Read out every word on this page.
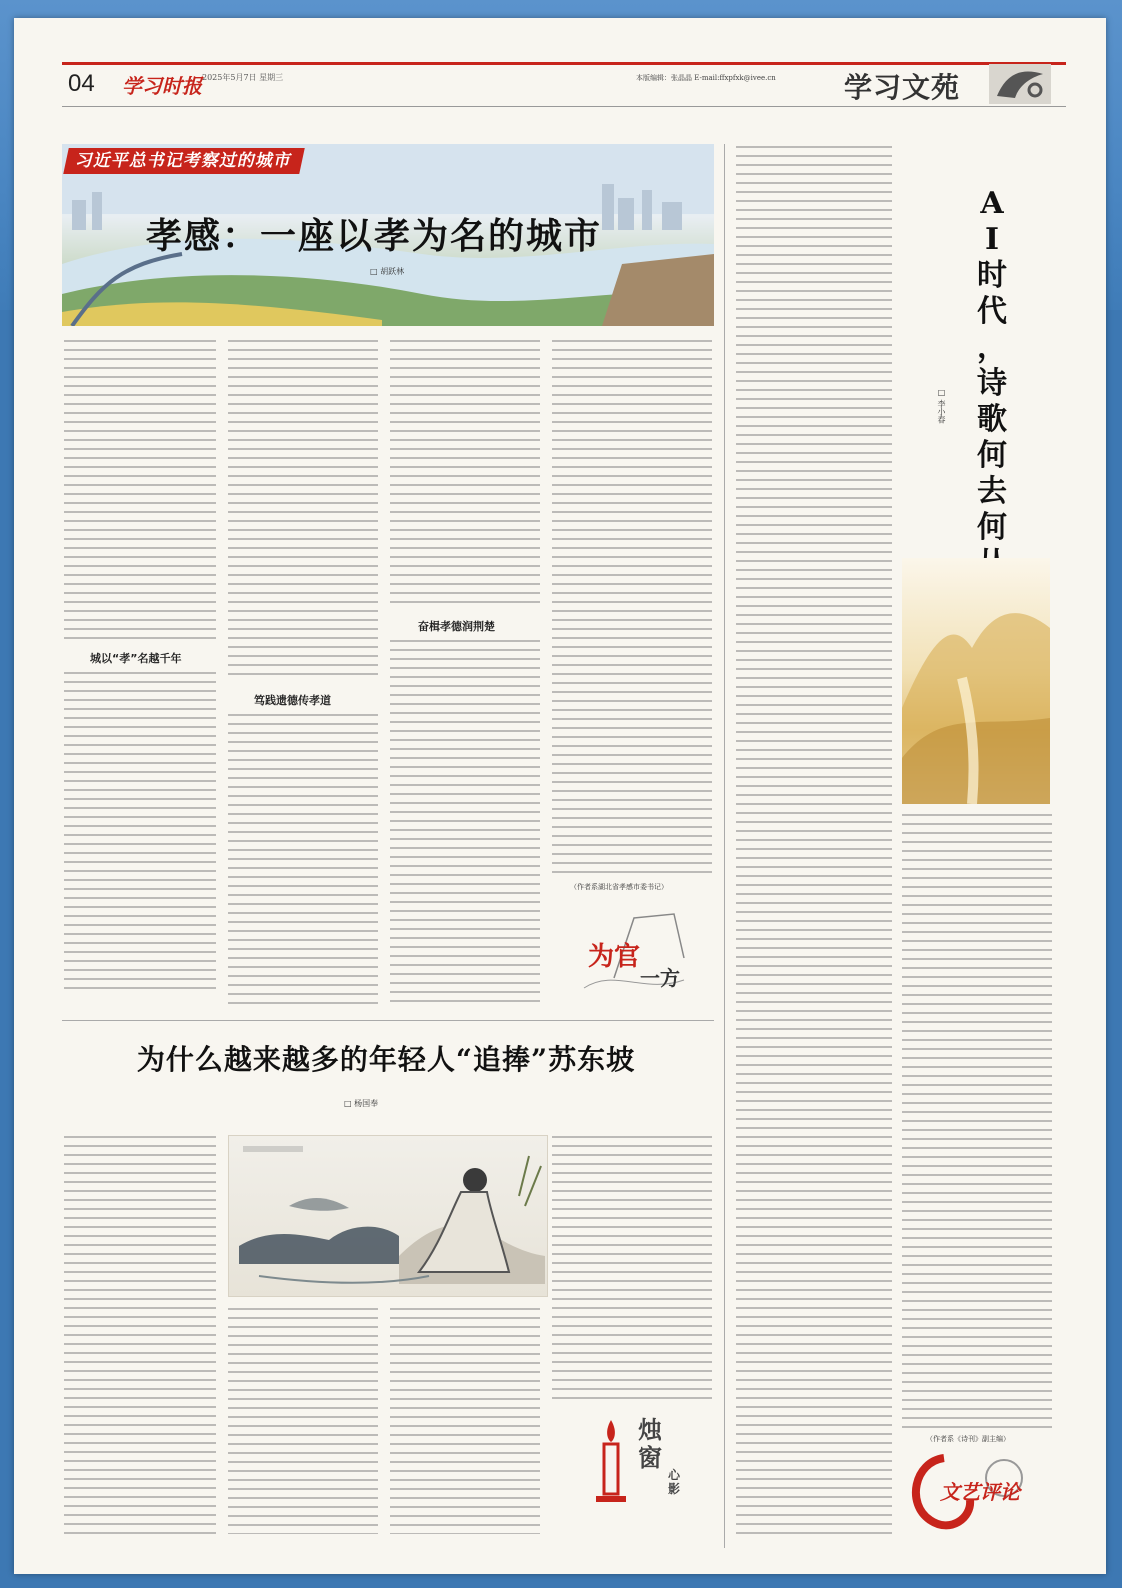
04 学习时报 2025年5月7日 星期三	本版编辑：张晶晶 E-mail:ffxpfxk@ivee.cn	学习文苑
习近平总书记考察过的城市
孝感：一座以孝为名的城市
□ 胡跃林
城以“孝”名越千年
笃践遗德传孝道
奋楫孝德润荆楚
（作者系湖北省孝感市委书记）
为官
一方
为什么越来越多的年轻人“追捧”苏东坡
□ 杨国奉
烛窗
心影
A
I
时
代
，
诗
歌
何
去
何
□ 李小春
（作者系《诗刊》副主编）
文艺评论
